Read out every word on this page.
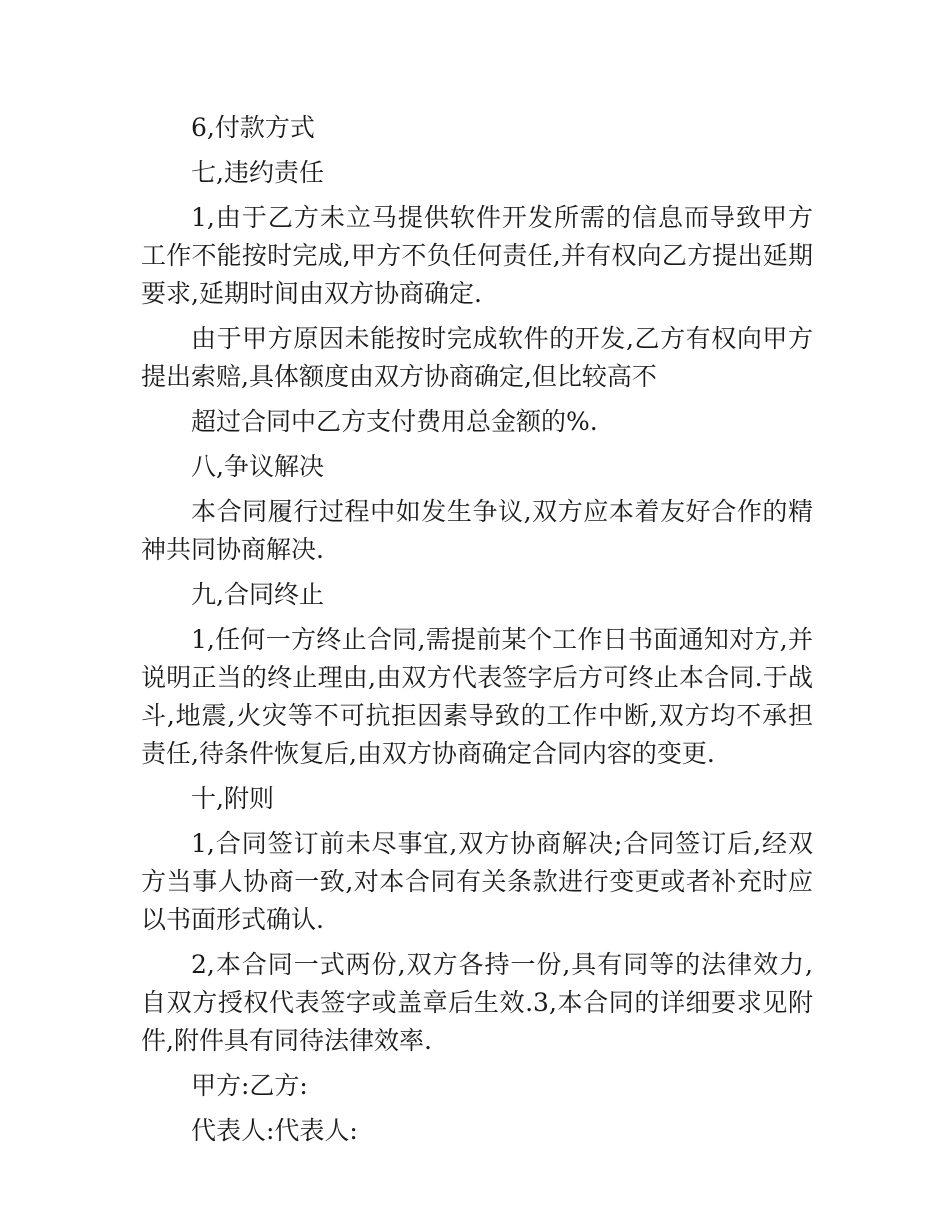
6,付款方式

七,违约责任

1,由于乙方未立马提供软件开发所需的信息而导致甲方工作不能按时完成,甲方不负任何责任,并有权向乙方提出延期要求,延期时间由双方协商确定.

由于甲方原因未能按时完成软件的开发,乙方有权向甲方提出索赔,具体额度由双方协商确定,但比较高不

超过合同中乙方支付费用总金额的%.

八,争议解决

本合同履行过程中如发生争议,双方应本着友好合作的精神共同协商解决.

九,合同终止

1,任何一方终止合同,需提前某个工作日书面通知对方,并说明正当的终止理由,由双方代表签字后方可终止本合同.于战斗,地震,火灾等不可抗拒因素导致的工作中断,双方均不承担责任,待条件恢复后,由双方协商确定合同内容的变更.

十,附则

1,合同签订前未尽事宜,双方协商解决;合同签订后,经双方当事人协商一致,对本合同有关条款进行变更或者补充时应以书面形式确认.

2,本合同一式两份,双方各持一份,具有同等的法律效力,自双方授权代表签字或盖章后生效.3,本合同的详细要求见附件,附件具有同待法律效率.

甲方:乙方:

代表人:代表人:
